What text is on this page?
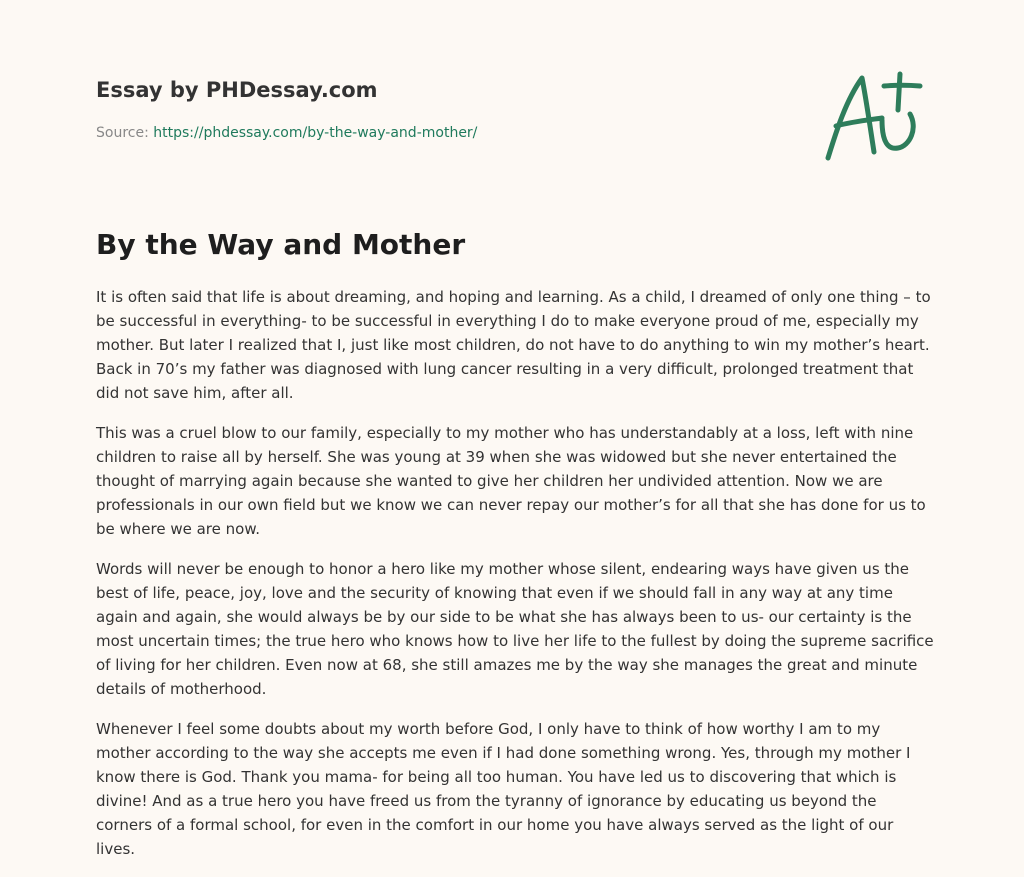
Essay by PHDessay.com
Source: https://phdessay.com/by-the-way-and-mother/
By the Way and Mother

It is often said that life is about dreaming, and hoping and learning. As a child, I dreamed of only one thing – to be successful in everything- to be successful in everything I do to make everyone proud of me, especially my mother. But later I realized that I, just like most children, do not have to do anything to win my mother’s heart. Back in 70’s my father was diagnosed with lung cancer resulting in a very difficult, prolonged treatment that did not save him, after all.

This was a cruel blow to our family, especially to my mother who has understandably at a loss, left with nine children to raise all by herself. She was young at 39 when she was widowed but she never entertained the thought of marrying again because she wanted to give her children her undivided attention. Now we are professionals in our own field but we know we can never repay our mother’s for all that she has done for us to be where we are now.

Words will never be enough to honor a hero like my mother whose silent, endearing ways have given us the best of life, peace, joy, love and the security of knowing that even if we should fall in any way at any time again and again, she would always be by our side to be what she has always been to us- our certainty is the most uncertain times; the true hero who knows how to live her life to the fullest by doing the supreme sacrifice of living for her children. Even now at 68, she still amazes me by the way she manages the great and minute details of motherhood.

Whenever I feel some doubts about my worth before God, I only have to think of how worthy I am to my mother according to the way she accepts me even if I had done something wrong. Yes, through my mother I know there is God. Thank you mama- for being all too human. You have led us to discovering that which is divine! And as a true hero you have freed us from the tyranny of ignorance by educating us beyond the corners of a formal school, for even in the comfort in our home you have always served as the light of our lives.
